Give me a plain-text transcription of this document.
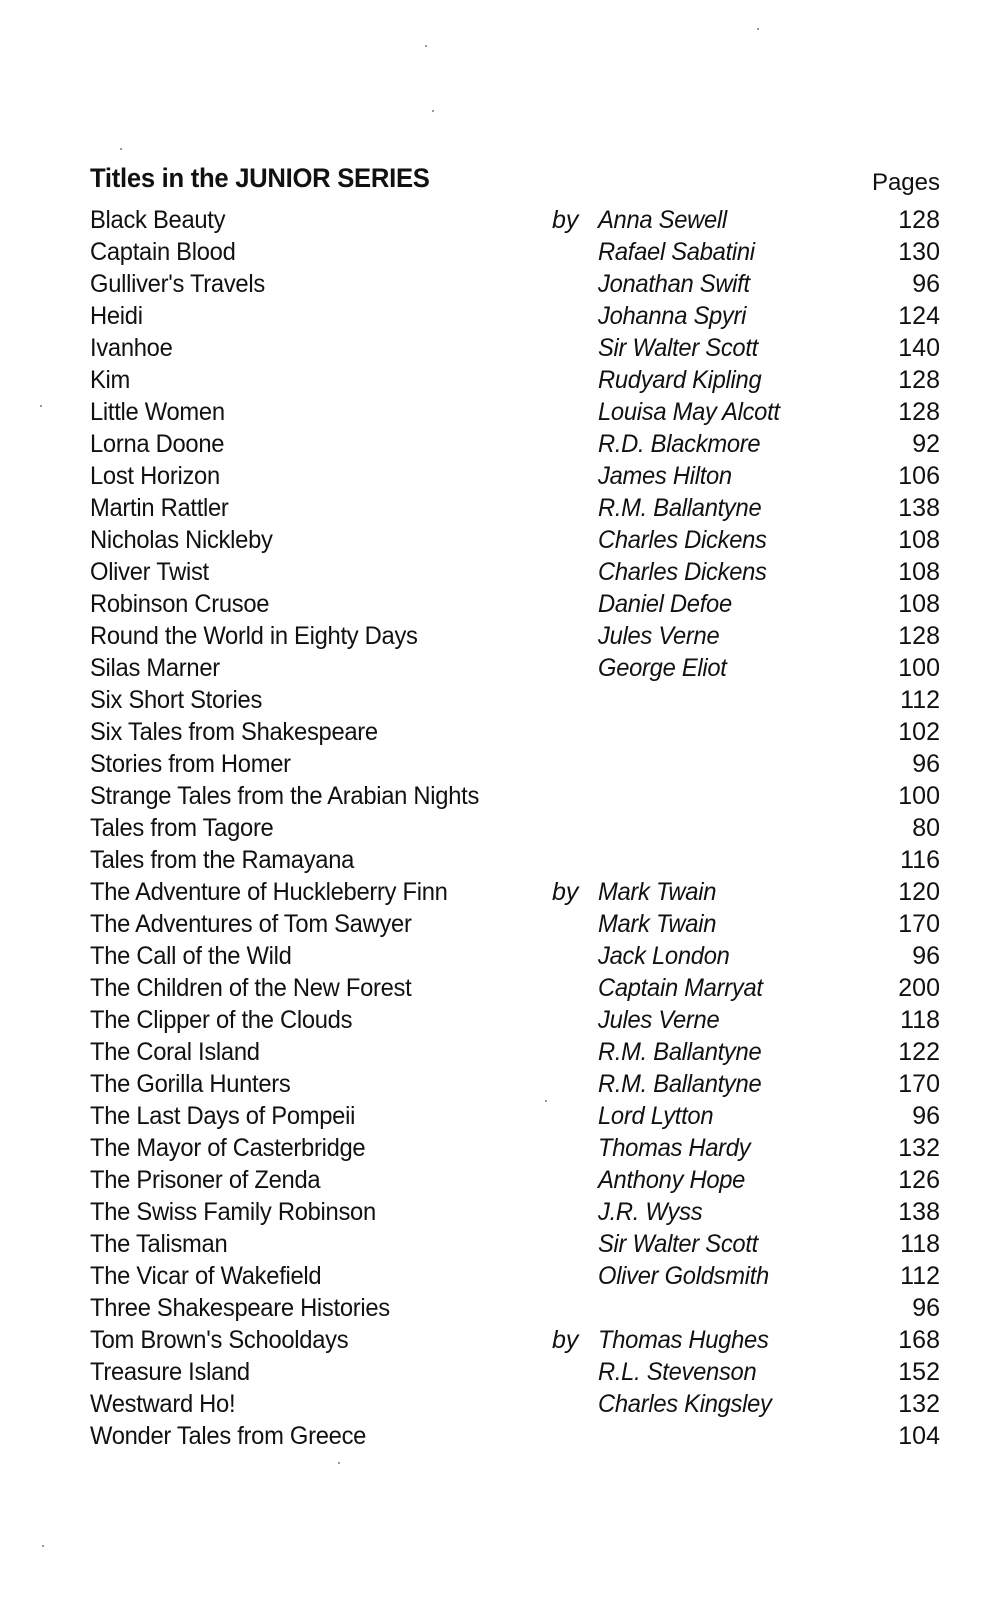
Titles in the JUNIOR SERIES	Pages
Black Beauty	by Anna Sewell	128
Captain Blood	Rafael Sabatini	130
Gulliver's Travels	Jonathan Swift	96
Heidi	Johanna Spyri	124
Ivanhoe	Sir Walter Scott	140
Kim	Rudyard Kipling	128
Little Women	Louisa May Alcott	128
Lorna Doone	R.D. Blackmore	92
Lost Horizon	James Hilton	106
Martin Rattler	R.M. Ballantyne	138
Nicholas Nickleby	Charles Dickens	108
Oliver Twist	Charles Dickens	108
Robinson Crusoe	Daniel Defoe	108
Round the World in Eighty Days	Jules Verne	128
Silas Marner	George Eliot	100
Six Short Stories	112
Six Tales from Shakespeare	102
Stories from Homer	96
Strange Tales from the Arabian Nights	100
Tales from Tagore	80
Tales from the Ramayana	116
The Adventure of Huckleberry Finn	by Mark Twain	120
The Adventures of Tom Sawyer	Mark Twain	170
The Call of the Wild	Jack London	96
The Children of the New Forest	Captain Marryat	200
The Clipper of the Clouds	Jules Verne	118
The Coral Island	R.M. Ballantyne	122
The Gorilla Hunters	R.M. Ballantyne	170
The Last Days of Pompeii	Lord Lytton	96
The Mayor of Casterbridge	Thomas Hardy	132
The Prisoner of Zenda	Anthony Hope	126
The Swiss Family Robinson	J.R. Wyss	138
The Talisman	Sir Walter Scott	118
The Vicar of Wakefield	Oliver Goldsmith	112
Three Shakespeare Histories	96
Tom Brown's Schooldays	by Thomas Hughes	168
Treasure Island	R.L. Stevenson	152
Westward Ho!	Charles Kingsley	132
Wonder Tales from Greece	104
